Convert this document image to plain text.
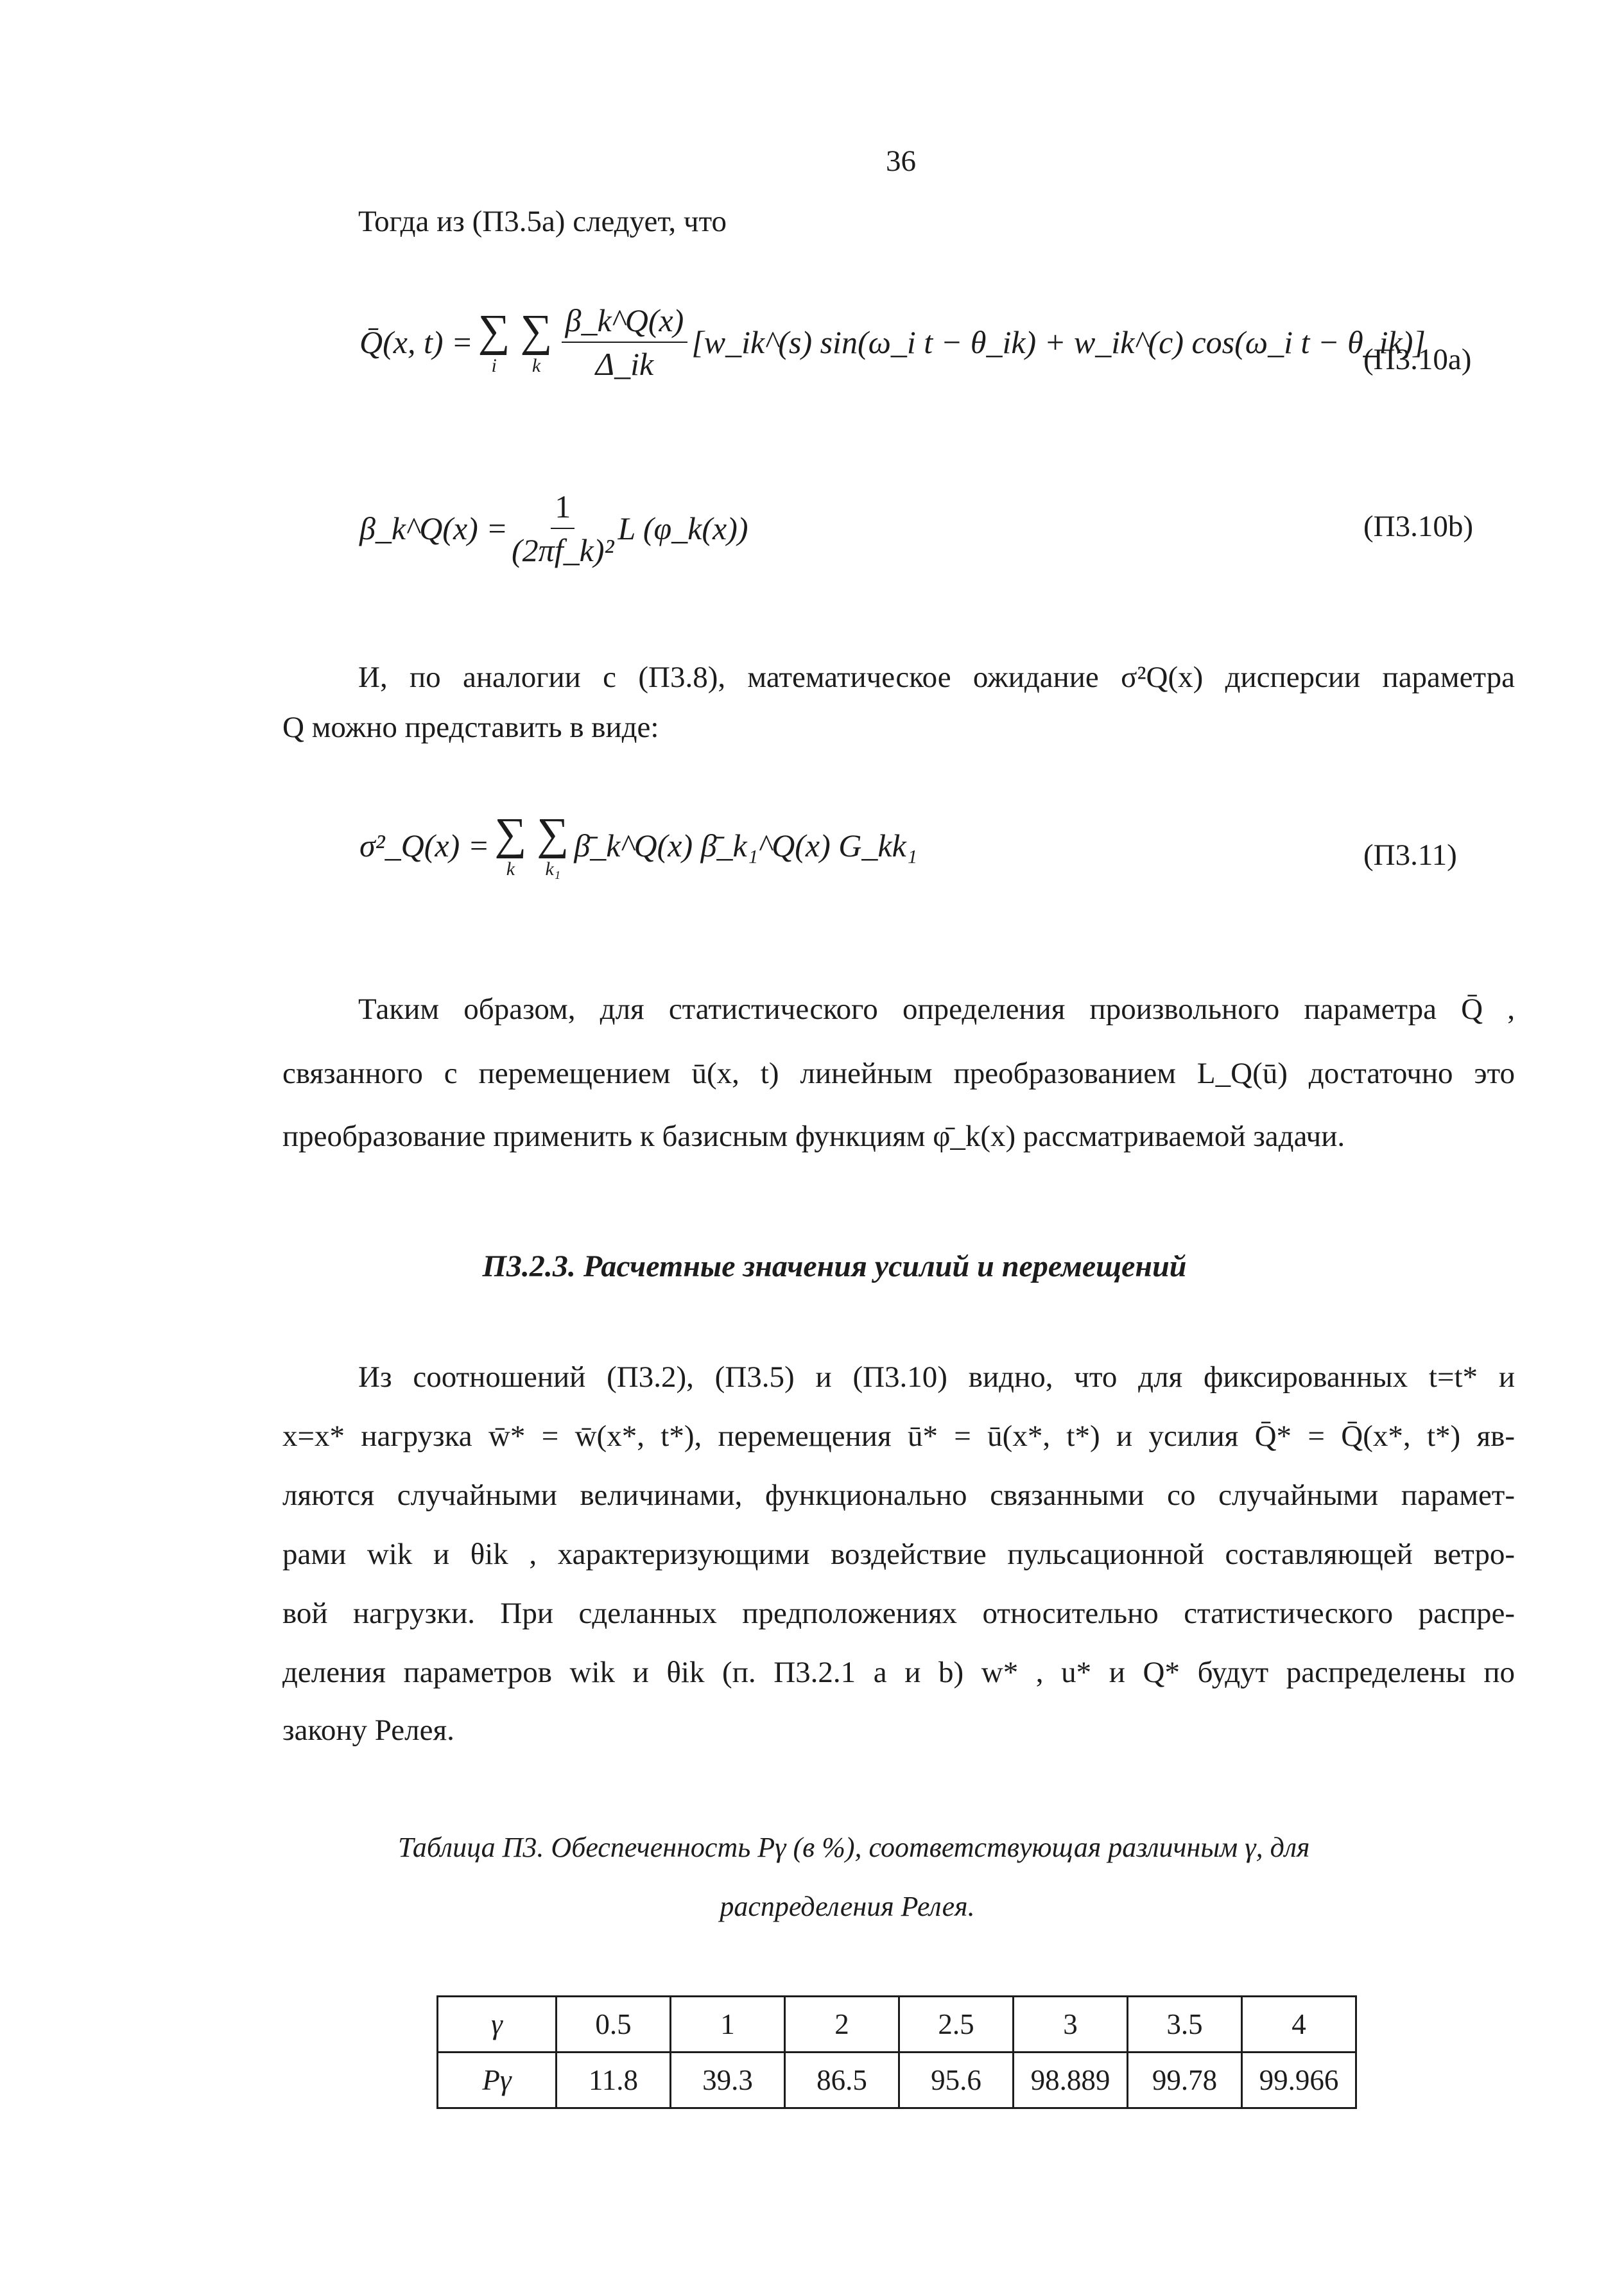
36
Тогда из (П3.5a) следует, что
Q̄(x, t) = ∑
i
∑
k $\frac{\beta\_k\^{}Q(x)}{\Delta\_ik}$ [w_ik^(s) sin(ω_i t − θ_ik) + w_ik^(c) cos(ω_i t − θ_ik)]
(П3.10a)
β_k^Q(x) = $\frac{1}{\text{(2πf\_k)²}}$ L (φ_k(x))	(П3.10b)
И, по аналогии с (П3.8), математическое ожидание σ²Q(x) дисперсии параметра
Q можно представить в виде:
σ²_Q(x) = ∑
k
∑
k₁
β̄_k^Q(x) β̄_k₁^Q(x) G_kk₁	(П3.11)
Таким образом, для статистического определения произвольного параметра Q̄ ,
связанного с перемещением ū(x, t) линейным преобразованием L_Q(ū) достаточно это
преобразование применить к базисным функциям φ̄_k(x) рассматриваемой задачи.
П3.2.3. Расчетные значения усилий и перемещений
Из соотношений (П3.2), (П3.5) и (П3.10) видно, что для фиксированных t=t* и
x=x* нагрузка w̄* = w̄(x*, t*), перемещения ū* = ū(x*, t*) и усилия Q̄* = Q̄(x*, t*) яв-
ляются случайными величинами, функционально связанными со случайными парамет-
рами wik и θik , характеризующими воздействие пульсационной составляющей ветро-
вой нагрузки. При сделанных предположениях относительно статистического распре-
деления параметров wik и θik (п. П3.2.1 a и b) w* , u* и Q* будут распределены по
закону Релея.
Таблица П3. Обеспеченность Pγ (в %), соответствующая различным γ, для
распределения Релея.
γ	0.5	1	2	2.5	3	3.5	4
Pγ	11.8	39.3	86.5	95.6	98.889	99.78	99.966
